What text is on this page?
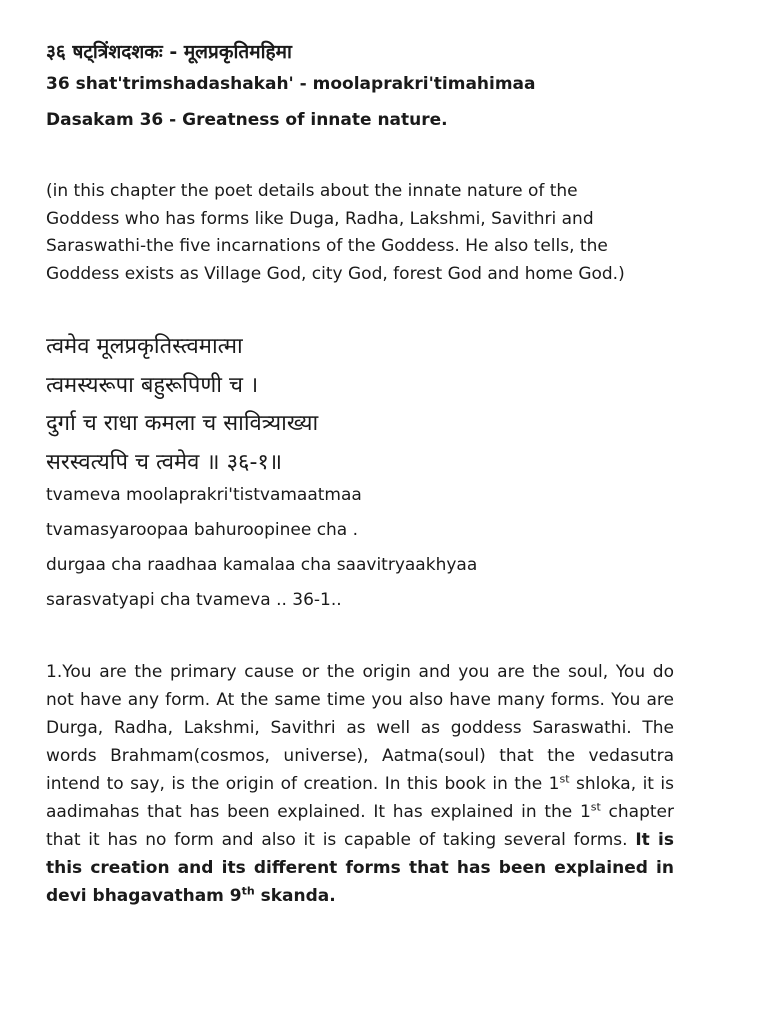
३६ षट्त्रिंशदशकः - मूलप्रकृतिमहिमा
36 shat'trimshadashakah' - moolaprakri'timahimaa
Dasakam 36 - Greatness of innate nature.
(in this chapter the poet details about the innate nature of the
Goddess who has forms like Duga, Radha, Lakshmi, Savithri and
Saraswathi-the five incarnations of the Goddess. He also tells, the
Goddess exists as Village God, city God, forest God and home God.)
त्वमेव मूलप्रकृतिस्त्वमात्मा
त्वमस्यरूपा बहुरूपिणी च ।
दुर्गा च राधा कमला च सावित्र्याख्या
सरस्वत्यपि च त्वमेव ॥ ३६-१॥
tvameva moolaprakri'tistvamaatmaa
tvamasyaroopaa bahuroopinee cha .
durgaa cha raadhaa kamalaa cha saavitryaakhyaa
sarasvatyapi cha tvameva .. 36-1..
1.You are the primary cause or the origin and you are the soul, You do not have any form. At the same time you also have many forms. You are Durga, Radha, Lakshmi, Savithri as well as goddess Saraswathi. The words Brahmam(cosmos, universe), Aatma(soul) that the vedasutra intend to say, is the origin of creation. In this book in the 1st shloka, it is aadimahas that has been explained. It has explained in the 1st chapter that it has no form and also it is capable of taking several forms. It is this creation and its different forms that has been explained in devi bhagavatham 9th skanda.
